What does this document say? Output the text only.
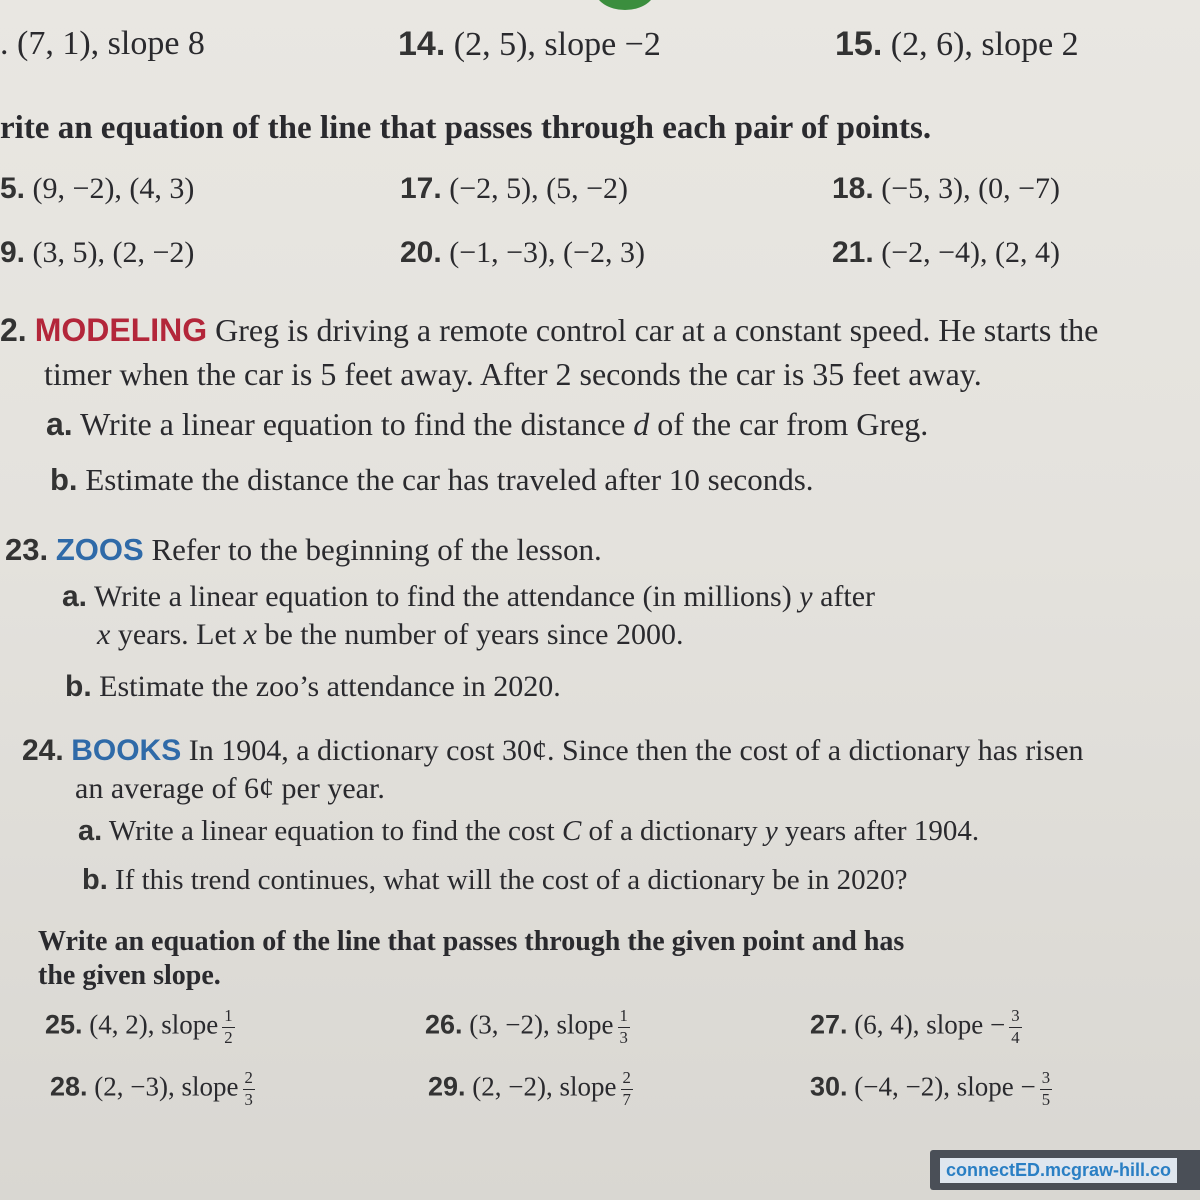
. (7, 1), slope 8	14. (2, 5), slope −2	15. (2, 6), slope 2
rite an equation of the line that passes through each pair of points.
5. (9, −2), (4, 3)	17. (−2, 5), (5, −2)	18. (−5, 3), (0, −7)
9. (3, 5), (2, −2)	20. (−1, −3), (−2, 3)	21. (−2, −4), (2, 4)
2. MODELING Greg is driving a remote control car at a constant speed. He starts the
timer when the car is 5 feet away. After 2 seconds the car is 35 feet away.
a. Write a linear equation to find the distance d of the car from Greg.
b. Estimate the distance the car has traveled after 10 seconds.
23. ZOOS Refer to the beginning of the lesson.
a. Write a linear equation to find the attendance (in millions) y after
x years. Let x be the number of years since 2000.
b. Estimate the zoo’s attendance in 2020.
24. BOOKS In 1904, a dictionary cost 30¢. Since then the cost of a dictionary has risen
an average of 6¢ per year.
a. Write a linear equation to find the cost C of a dictionary y years after 1904.
b. If this trend continues, what will the cost of a dictionary be in 2020?
Write an equation of the line that passes through the given point and has
the given slope.
25. (4, 2), slope $\frac{1}{2}$	26. (3, −2), slope $\frac{1}{3}$	27. (6, 4), slope − $\frac{3}{4}$
28. (2, −3), slope $\frac{2}{3}$	29. (2, −2), slope $\frac{2}{7}$	30. (−4, −2), slope − $\frac{3}{5}$
connectED.mcgraw-hill.co
